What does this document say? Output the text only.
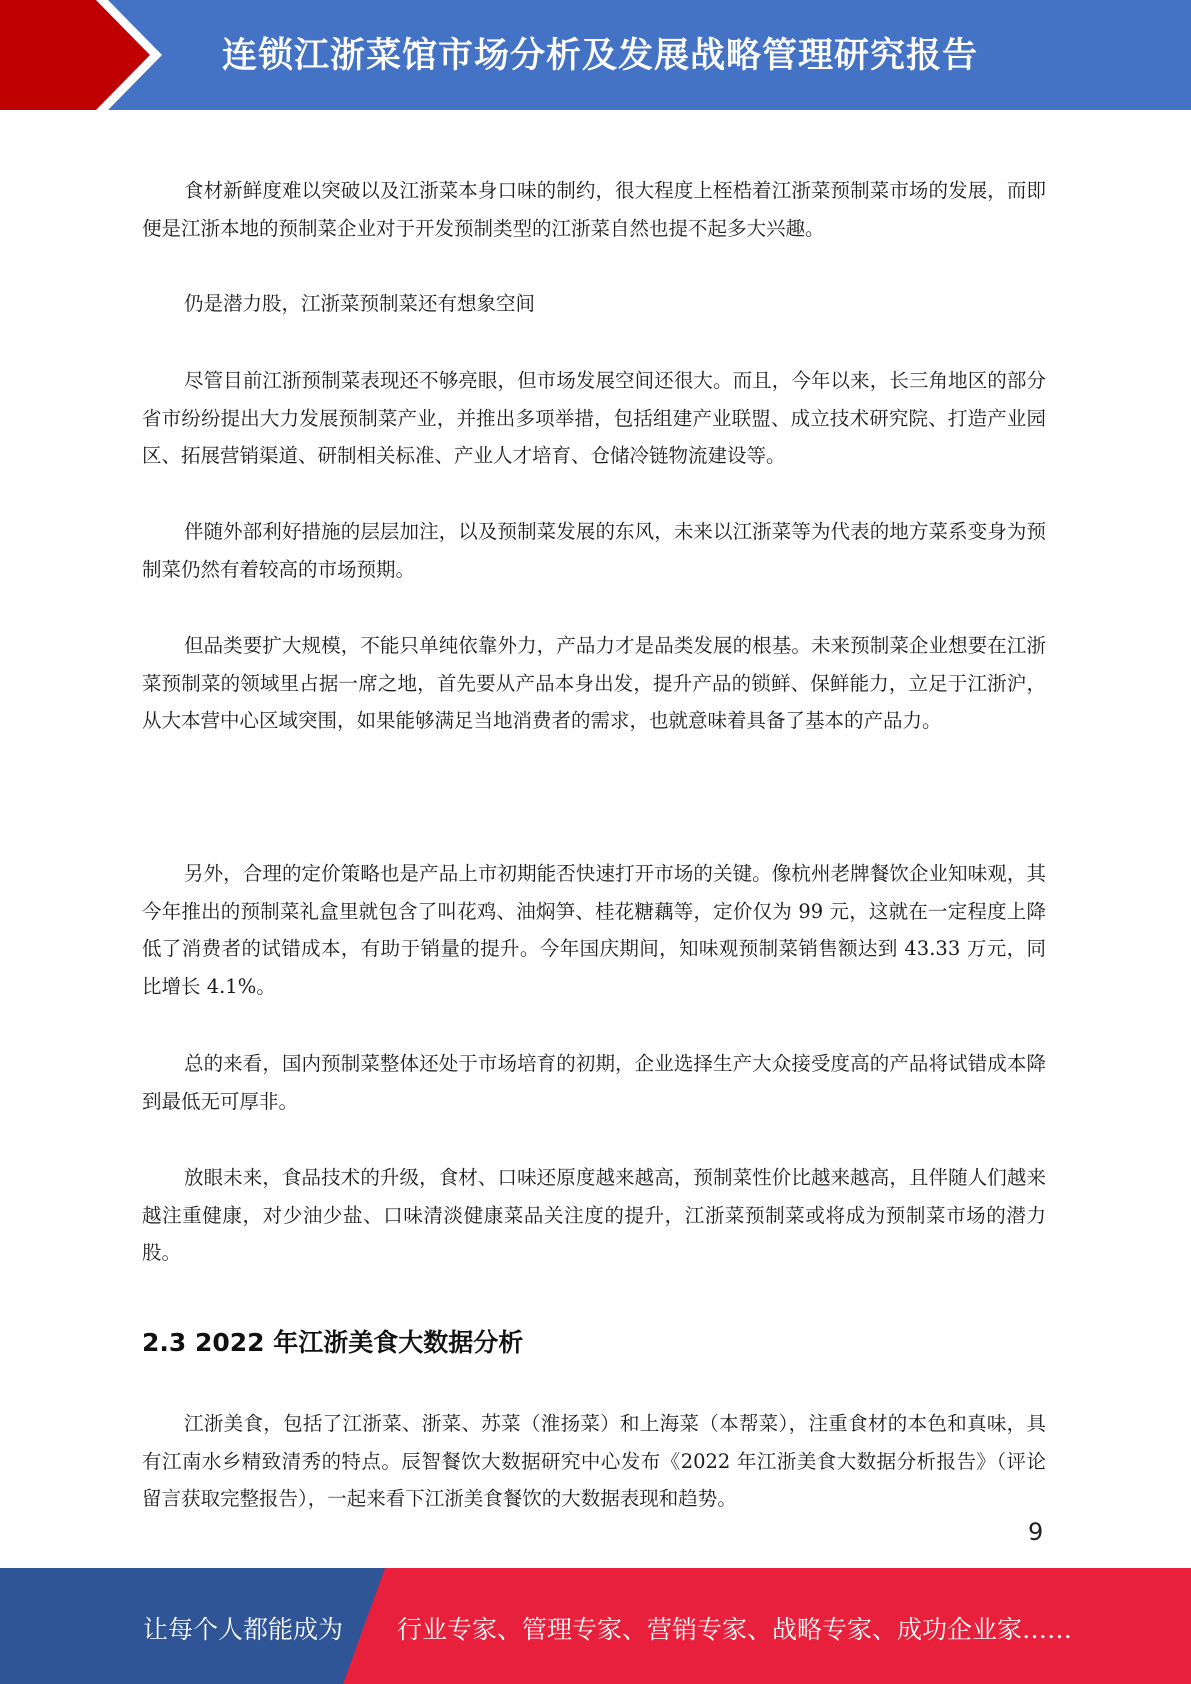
连锁江浙菜馆市场分析及发展战略管理研究报告

食材新鲜度难以突破以及江浙菜本身口味的制约，很大程度上桎梏着江浙菜预制菜市场的发展，而即便是江浙本地的预制菜企业对于开发预制类型的江浙菜自然也提不起多大兴趣。

仍是潜力股，江浙菜预制菜还有想象空间

尽管目前江浙预制菜表现还不够亮眼，但市场发展空间还很大。而且，今年以来，长三角地区的部分省市纷纷提出大力发展预制菜产业，并推出多项举措，包括组建产业联盟、成立技术研究院、打造产业园区、拓展营销渠道、研制相关标准、产业人才培育、仓储冷链物流建设等。

伴随外部利好措施的层层加注，以及预制菜发展的东风，未来以江浙菜等为代表的地方菜系变身为预制菜仍然有着较高的市场预期。

但品类要扩大规模，不能只单纯依靠外力，产品力才是品类发展的根基。未来预制菜企业想要在江浙菜预制菜的领域里占据一席之地，首先要从产品本身出发，提升产品的锁鲜、保鲜能力，立足于江浙沪，从大本营中心区域突围，如果能够满足当地消费者的需求，也就意味着具备了基本的产品力。

另外，合理的定价策略也是产品上市初期能否快速打开市场的关键。像杭州老牌餐饮企业知味观，其今年推出的预制菜礼盒里就包含了叫花鸡、油焖笋、桂花糖藕等，定价仅为 99 元，这就在一定程度上降低了消费者的试错成本，有助于销量的提升。今年国庆期间，知味观预制菜销售额达到 43.33 万元，同比增长 4.1%。

总的来看，国内预制菜整体还处于市场培育的初期，企业选择生产大众接受度高的产品将试错成本降到最低无可厚非。

放眼未来，食品技术的升级，食材、口味还原度越来越高，预制菜性价比越来越高，且伴随人们越来越注重健康，对少油少盐、口味清淡健康菜品关注度的提升，江浙菜预制菜或将成为预制菜市场的潜力股。

2.3 2022 年江浙美食大数据分析

江浙美食，包括了江浙菜、浙菜、苏菜（淮扬菜）和上海菜（本帮菜），注重食材的本色和真味，具有江南水乡精致清秀的特点。辰智餐饮大数据研究中心发布《2022 年江浙美食大数据分析报告》（评论留言获取完整报告），一起来看下江浙美食餐饮的大数据表现和趋势。

9
让每个人都能成为 行业专家、管理专家、营销专家、战略专家、成功企业家……
